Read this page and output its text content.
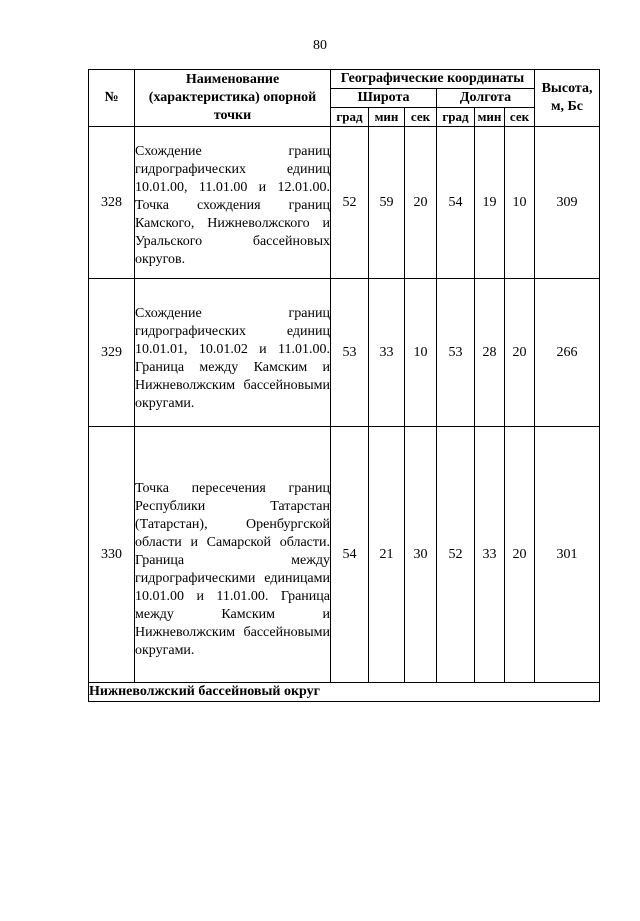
80
№	Наименование (характеристика) опорной точки	Географические координаты						Высота, м, Бс
		Широта			Долгота			
		град	мин	сек	град	мин	сек	
328	Схождение границ гидрографических единиц 10.01.00, 11.01.00 и 12.01.00. Точка схождения границ Камского, Нижневолжского и Уральского бассейновых округов.	52	59	20	54	19	10	309
329	Схождение границ гидрографических единиц 10.01.01, 10.01.02 и 11.01.00. Граница между Камским и Нижневолжским бассейновыми округами.	53	33	10	53	28	20	266
330	Точка пересечения границ Республики Татарстан (Татарстан), Оренбургской области и Самарской области. Граница между гидрографическими единицами 10.01.00 и 11.01.00. Граница между Камским и Нижневолжским бассейновыми округами.	54	21	30	52	33	20	301
Нижневолжский бассейновый округ								
